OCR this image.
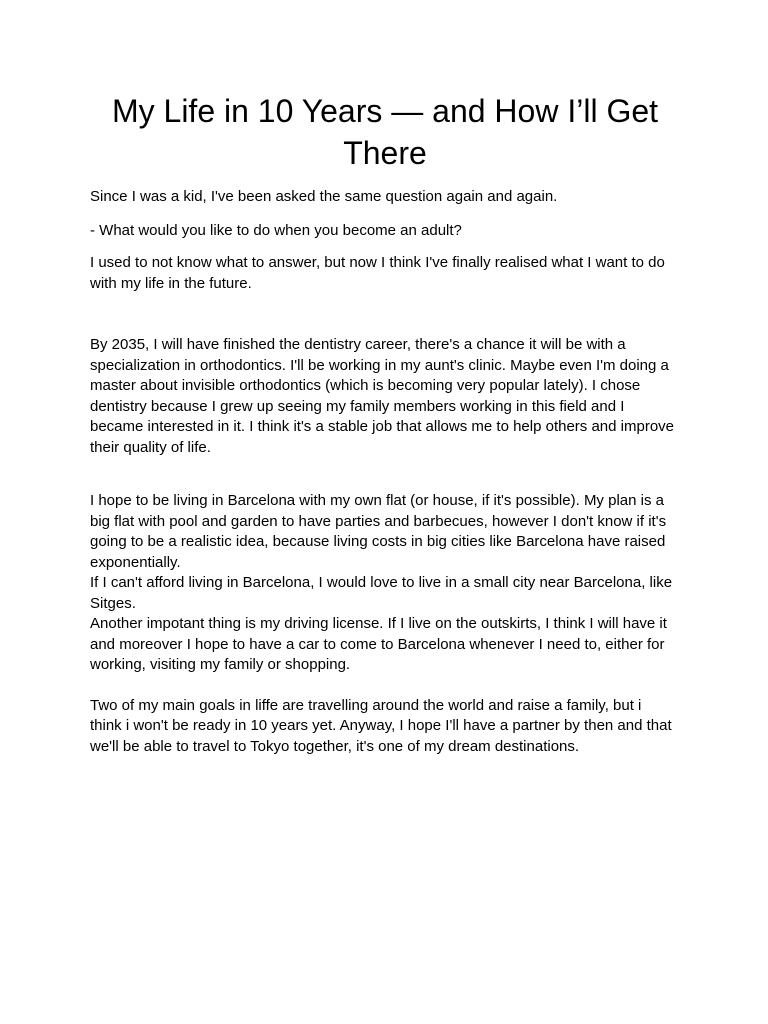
My Life in 10 Years — and How I’ll Get
There

Since I was a kid, I've been asked the same question again and again.

- What would you like to do when you become an adult?

I used to not know what to answer, but now I think I've finally realised what I want to do
with my life in the future.

By 2035, I will have finished the dentistry career, there's a chance it will be with a
specialization in orthodontics. I'll be working in my aunt's clinic. Maybe even I'm doing a
master about invisible orthodontics (which is becoming very popular lately). I chose
dentistry because I grew up seeing my family members working in this field and I
became interested in it. I think it's a stable job that allows me to help others and improve
their quality of life.

I hope to be living in Barcelona with my own flat (or house, if it's possible). My plan is a
big flat with pool and garden to have parties and barbecues, however I don't know if it's
going to be a realistic idea, because living costs in big cities like Barcelona have raised
exponentially.
If I can't afford living in Barcelona, I would love to live in a small city near Barcelona, like
Sitges.
Another impotant thing is my driving license. If I live on the outskirts, I think I will have it
and moreover I hope to have a car to come to Barcelona whenever I need to, either for
working, visiting my family or shopping.

Two of my main goals in liffe are travelling around the world and raise a family, but i
think i won't be ready in 10 years yet. Anyway, I hope I'll have a partner by then and that
we'll be able to travel to Tokyo together, it's one of my dream destinations.
